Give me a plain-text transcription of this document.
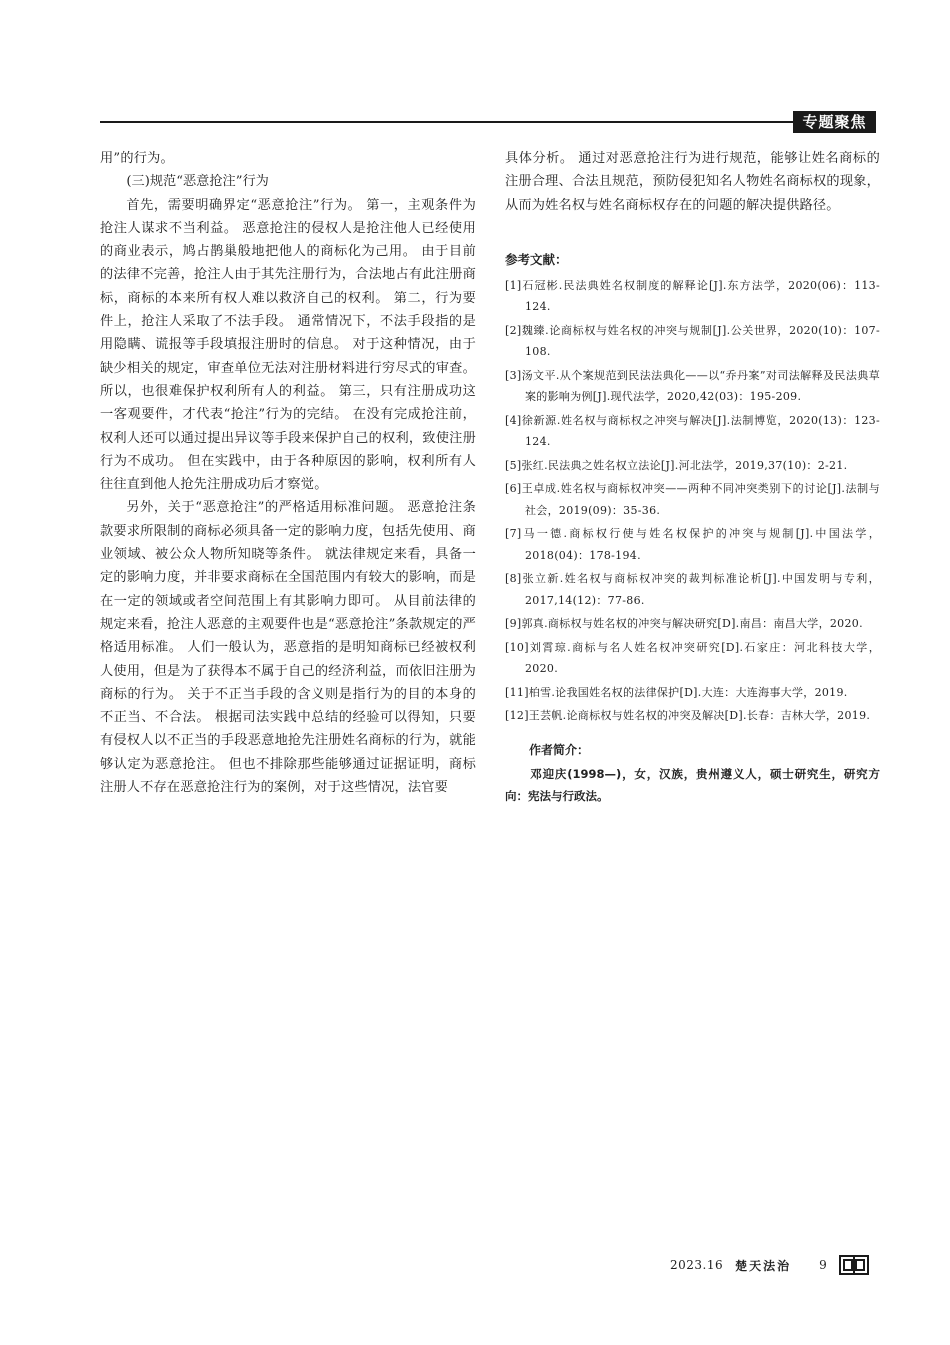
专题聚焦

用”的行为。

(三)规范“恶意抢注”行为

首先，需要明确界定“恶意抢注”行为。 第一，主观条件为抢注人谋求不当利益。 恶意抢注的侵权人是抢注他人已经使用的商业表示，鸠占鹊巢般地把他人的商标化为己用。 由于目前的法律不完善，抢注人由于其先注册行为，合法地占有此注册商标，商标的本来所有权人难以救济自己的权利。 第二，行为要件上，抢注人采取了不法手段。 通常情况下，不法手段指的是用隐瞒、谎报等手段填报注册时的信息。 对于这种情况，由于缺少相关的规定，审查单位无法对注册材料进行穷尽式的审查。 所以，也很难保护权利所有人的利益。 第三，只有注册成功这一客观要件，才代表“抢注”行为的完结。 在没有完成抢注前，权利人还可以通过提出异议等手段来保护自己的权利，致使注册行为不成功。 但在实践中，由于各种原因的影响，权利所有人往往直到他人抢先注册成功后才察觉。

另外，关于“恶意抢注”的严格适用标准问题。 恶意抢注条款要求所限制的商标必须具备一定的影响力度，包括先使用、商业领域、被公众人物所知晓等条件。 就法律规定来看，具备一定的影响力度，并非要求商标在全国范围内有较大的影响，而是在一定的领域或者空间范围上有其影响力即可。 从目前法律的规定来看，抢注人恶意的主观要件也是“恶意抢注”条款规定的严格适用标准。 人们一般认为，恶意指的是明知商标已经被权利人使用，但是为了获得本不属于自己的经济利益，而依旧注册为商标的行为。 关于不正当手段的含义则是指行为的目的本身的不正当、不合法。 根据司法实践中总结的经验可以得知，只要有侵权人以不正当的手段恶意地抢先注册姓名商标的行为，就能够认定为恶意抢注。 但也不排除那些能够通过证据证明，商标注册人不存在恶意抢注行为的案例，对于这些情况，法官要

具体分析。 通过对恶意抢注行为进行规范，能够让姓名商标的注册合理、合法且规范，预防侵犯知名人物姓名商标权的现象，从而为姓名权与姓名商标权存在的问题的解决提供路径。

参考文献：
[1]石冠彬.民法典姓名权制度的解释论[J].东方法学，2020(06)：113-124.
[2]魏臻.论商标权与姓名权的冲突与规制[J].公关世界，2020(10)：107-108.
[3]汤文平.从个案规范到民法法典化——以“乔丹案”对司法解释及民法典草案的影响为例[J].现代法学，2020,42(03)：195-209.
[4]徐新源.姓名权与商标权之冲突与解决[J].法制博览，2020(13)：123-124.
[5]张红.民法典之姓名权立法论[J].河北法学，2019,37(10)：2-21.
[6]王卓成.姓名权与商标权冲突——两种不同冲突类别下的讨论[J].法制与社会，2019(09)：35-36.
[7]马一德.商标权行使与姓名权保护的冲突与规制[J].中国法学，2018(04)：178-194.
[8]张立新.姓名权与商标权冲突的裁判标准论析[J].中国发明与专利，2017,14(12)：77-86.
[9]郭真.商标权与姓名权的冲突与解决研究[D].南昌：南昌大学，2020.
[10]刘霄琼.商标与名人姓名权冲突研究[D].石家庄：河北科技大学，2020.
[11]柏雪.论我国姓名权的法律保护[D].大连：大连海事大学，2019.
[12]王芸帆.论商标权与姓名权的冲突及解决[D].长春：吉林大学，2019.
作者简介：

邓迎庆(1998—)，女，汉族，贵州遵义人，硕士研究生，研究方向：宪法与行政法。

2023.16 楚天法治 9
